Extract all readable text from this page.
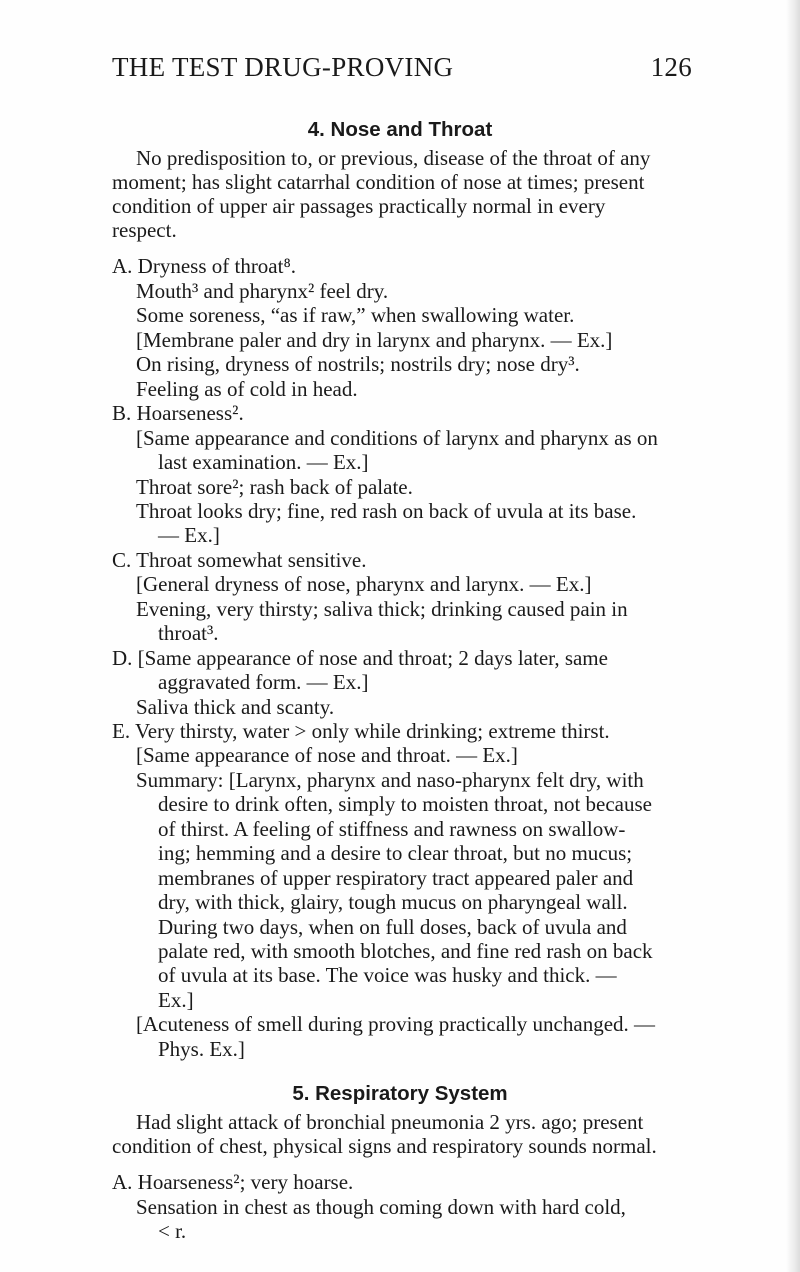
THE TEST DRUG-PROVING	126
4. Nose and Throat
No predisposition to, or previous, disease of the throat of any
moment; has slight catarrhal condition of nose at times; present
condition of upper air passages practically normal in every
respect.
A. Dryness of throat⁸.
Mouth³ and pharynx² feel dry.
Some soreness, “as if raw,” when swallowing water.
[Membrane paler and dry in larynx and pharynx. — Ex.]
On rising, dryness of nostrils; nostrils dry; nose dry³.
Feeling as of cold in head.
B. Hoarseness².
[Same appearance and conditions of larynx and pharynx as on
last examination. — Ex.]
Throat sore²; rash back of palate.
Throat looks dry; fine, red rash on back of uvula at its base.
— Ex.]
C. Throat somewhat sensitive.
[General dryness of nose, pharynx and larynx. — Ex.]
Evening, very thirsty; saliva thick; drinking caused pain in
throat³.
D. [Same appearance of nose and throat; 2 days later, same
aggravated form. — Ex.]
Saliva thick and scanty.
E. Very thirsty, water > only while drinking; extreme thirst.
[Same appearance of nose and throat. — Ex.]
Summary: [Larynx, pharynx and naso-pharynx felt dry, with
desire to drink often, simply to moisten throat, not because
of thirst. A feeling of stiffness and rawness on swallow-
ing; hemming and a desire to clear throat, but no mucus;
membranes of upper respiratory tract appeared paler and
dry, with thick, glairy, tough mucus on pharyngeal wall.
During two days, when on full doses, back of uvula and
palate red, with smooth blotches, and fine red rash on back
of uvula at its base. The voice was husky and thick. —
Ex.]
[Acuteness of smell during proving practically unchanged. —
Phys. Ex.]
5. Respiratory System
Had slight attack of bronchial pneumonia 2 yrs. ago; present
condition of chest, physical signs and respiratory sounds normal.
A. Hoarseness²; very hoarse.
Sensation in chest as though coming down with hard cold,
< r.
